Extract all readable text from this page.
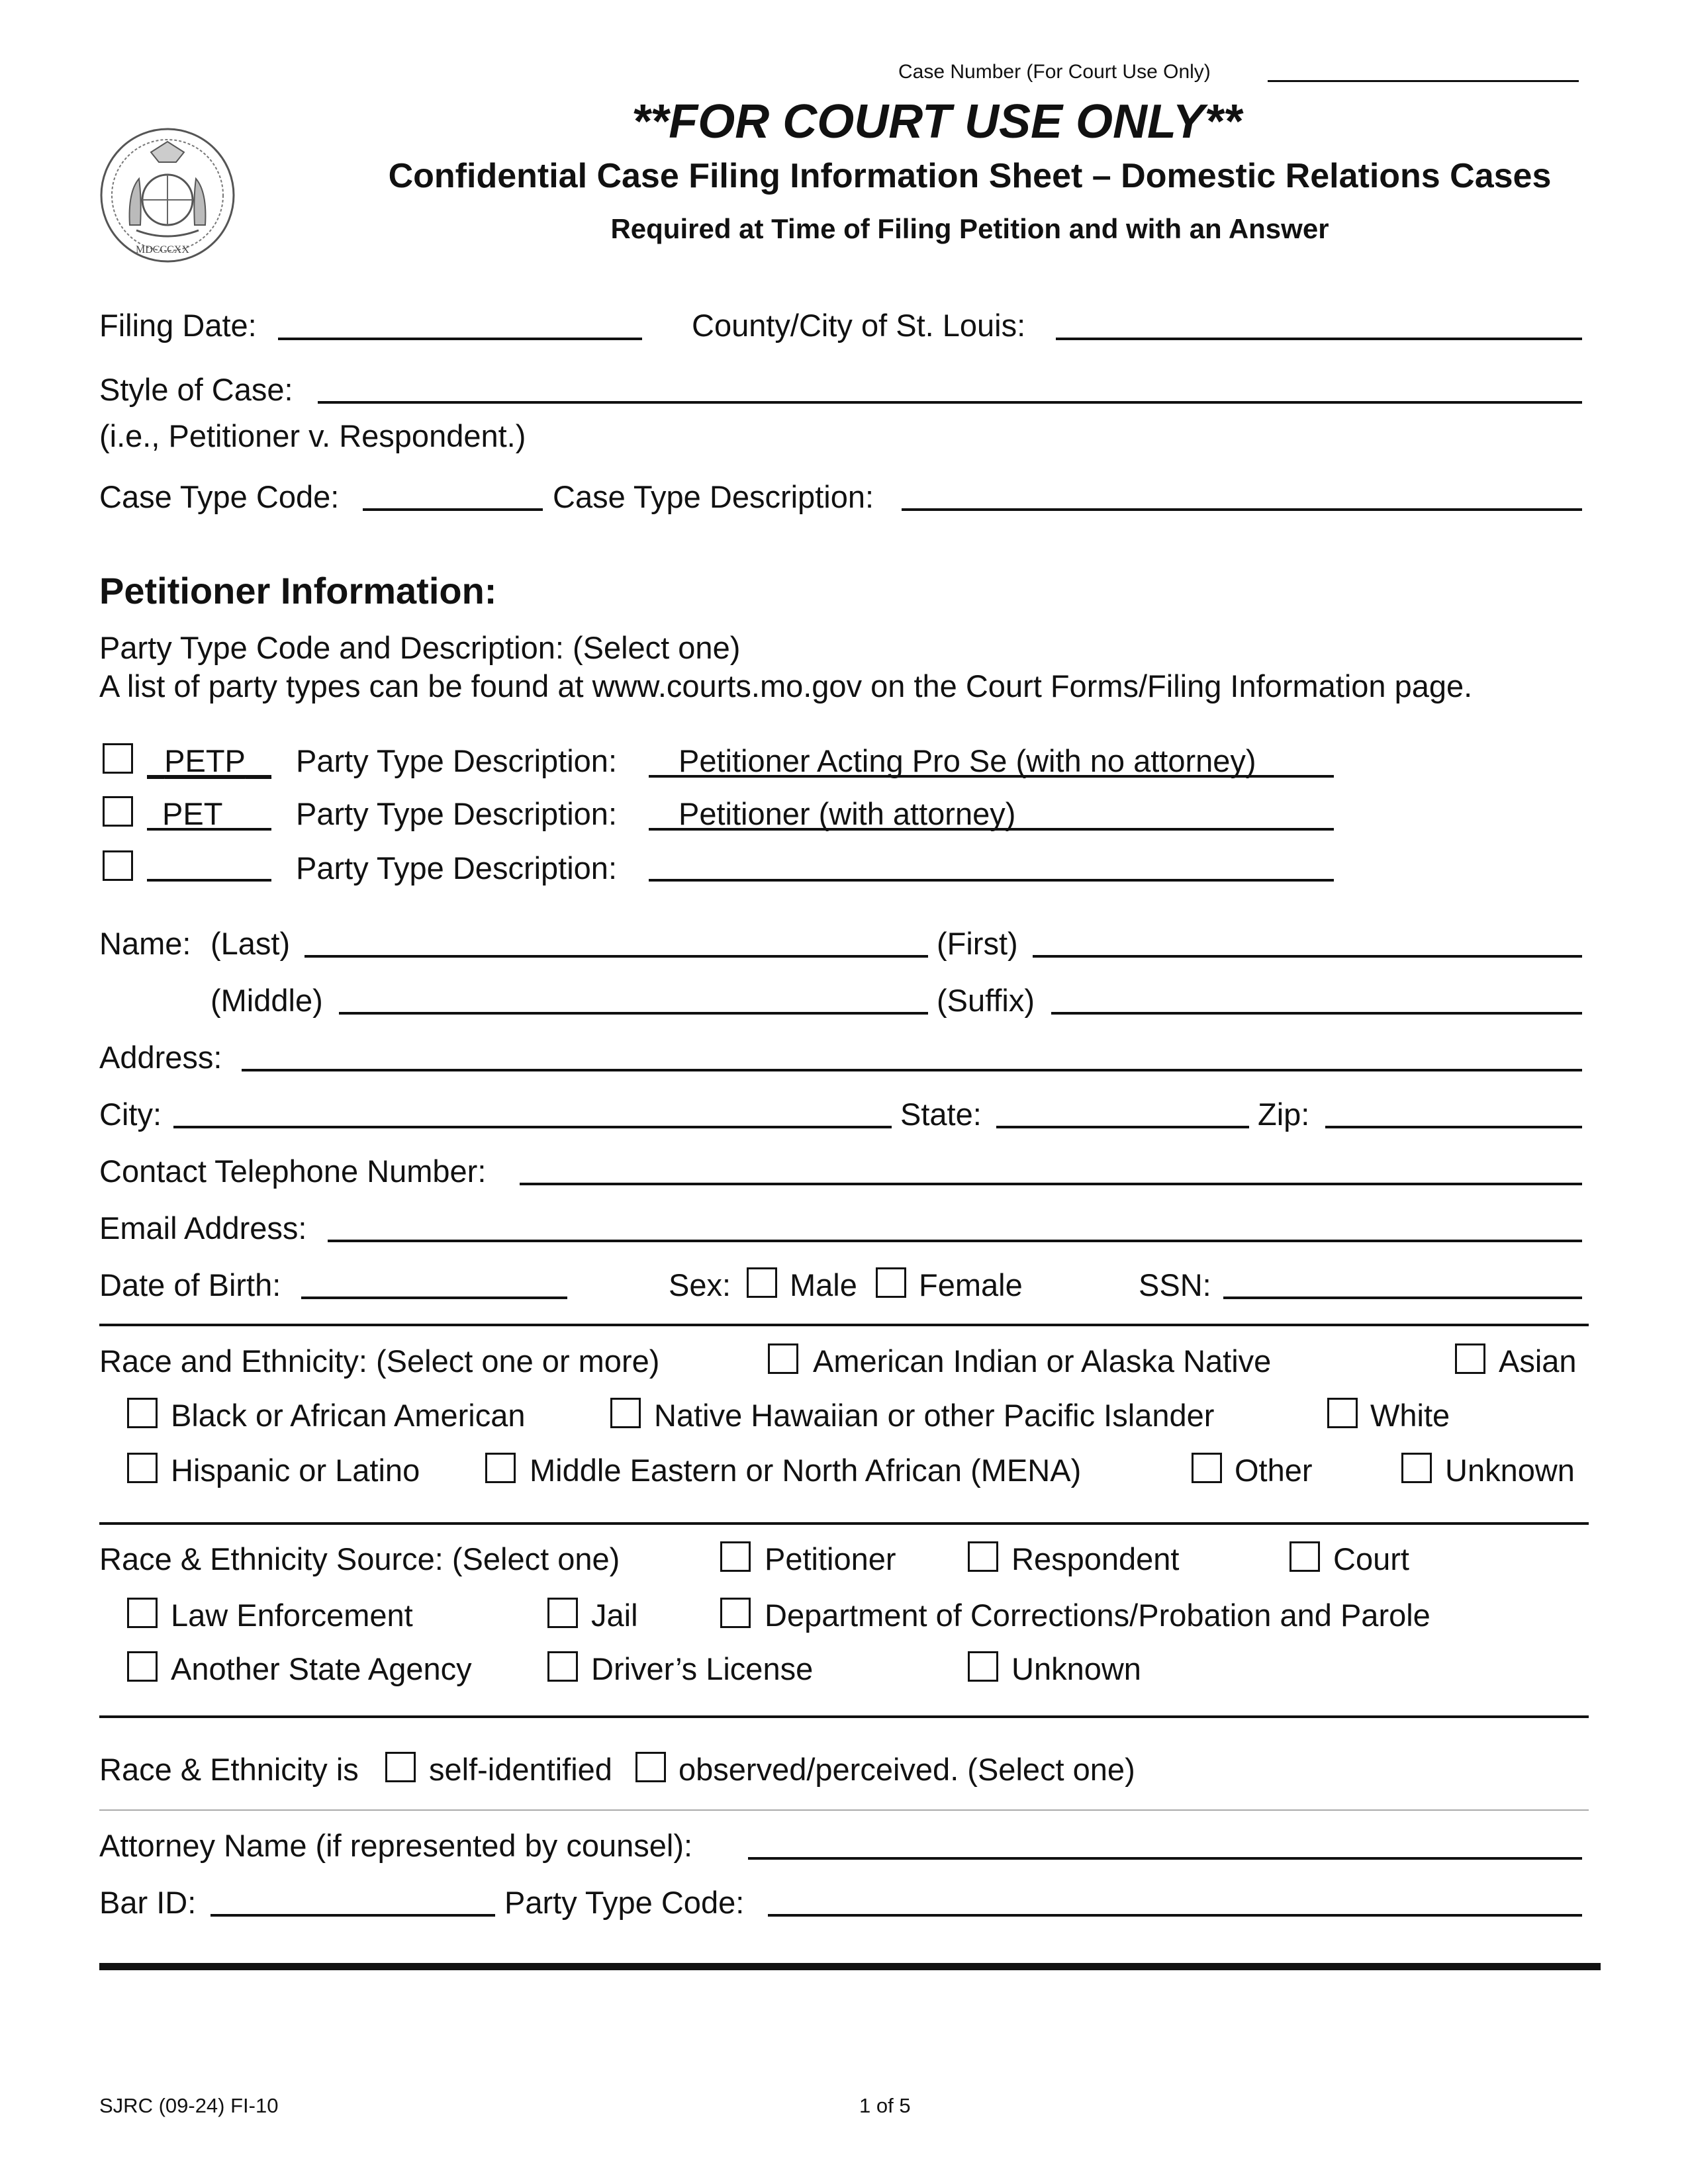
Case Number (For Court Use Only)
MDCCCXX
**FOR COURT USE ONLY**
Confidential Case Filing Information Sheet – Domestic Relations Cases
Required at Time of Filing Petition and with an Answer
Filing Date:	County/City of St. Louis:
Style of Case:
(i.e., Petitioner v. Respondent.)
Case Type Code:	Case Type Description:
Petitioner Information:
Party Type Code and Description: (Select one)
A list of party types can be found at www.courts.mo.gov on the Court Forms/Filing Information page.
PETP	Party Type Description: Petitioner Acting Pro Se (with no attorney)
PET Party Type Description: Petitioner (with attorney)
Party Type Description:
Name: (Last)	(First)
(Middle)	(Suffix)
Address:
City:	State:	Zip:
Contact Telephone Number:
Email Address:
Date of Birth:	Sex: Male Female	SSN:
Race and Ethnicity: (Select one or more)	American Indian or Alaska Native	Asian
Black or African American	Native Hawaiian or other Pacific Islander	White
Hispanic or Latino	Middle Eastern or North African (MENA)	Other	Unknown
Race & Ethnicity Source: (Select one)	Petitioner	Respondent	Court
Law Enforcement	Jail	Department of Corrections/Probation and Parole
Another State Agency	Driver’s License	Unknown
Race & Ethnicity is self-identified observed/perceived. (Select one)
Attorney Name (if represented by counsel):
Bar ID:	Party Type Code:
SJRC (09-24) FI-10	1 of 5
